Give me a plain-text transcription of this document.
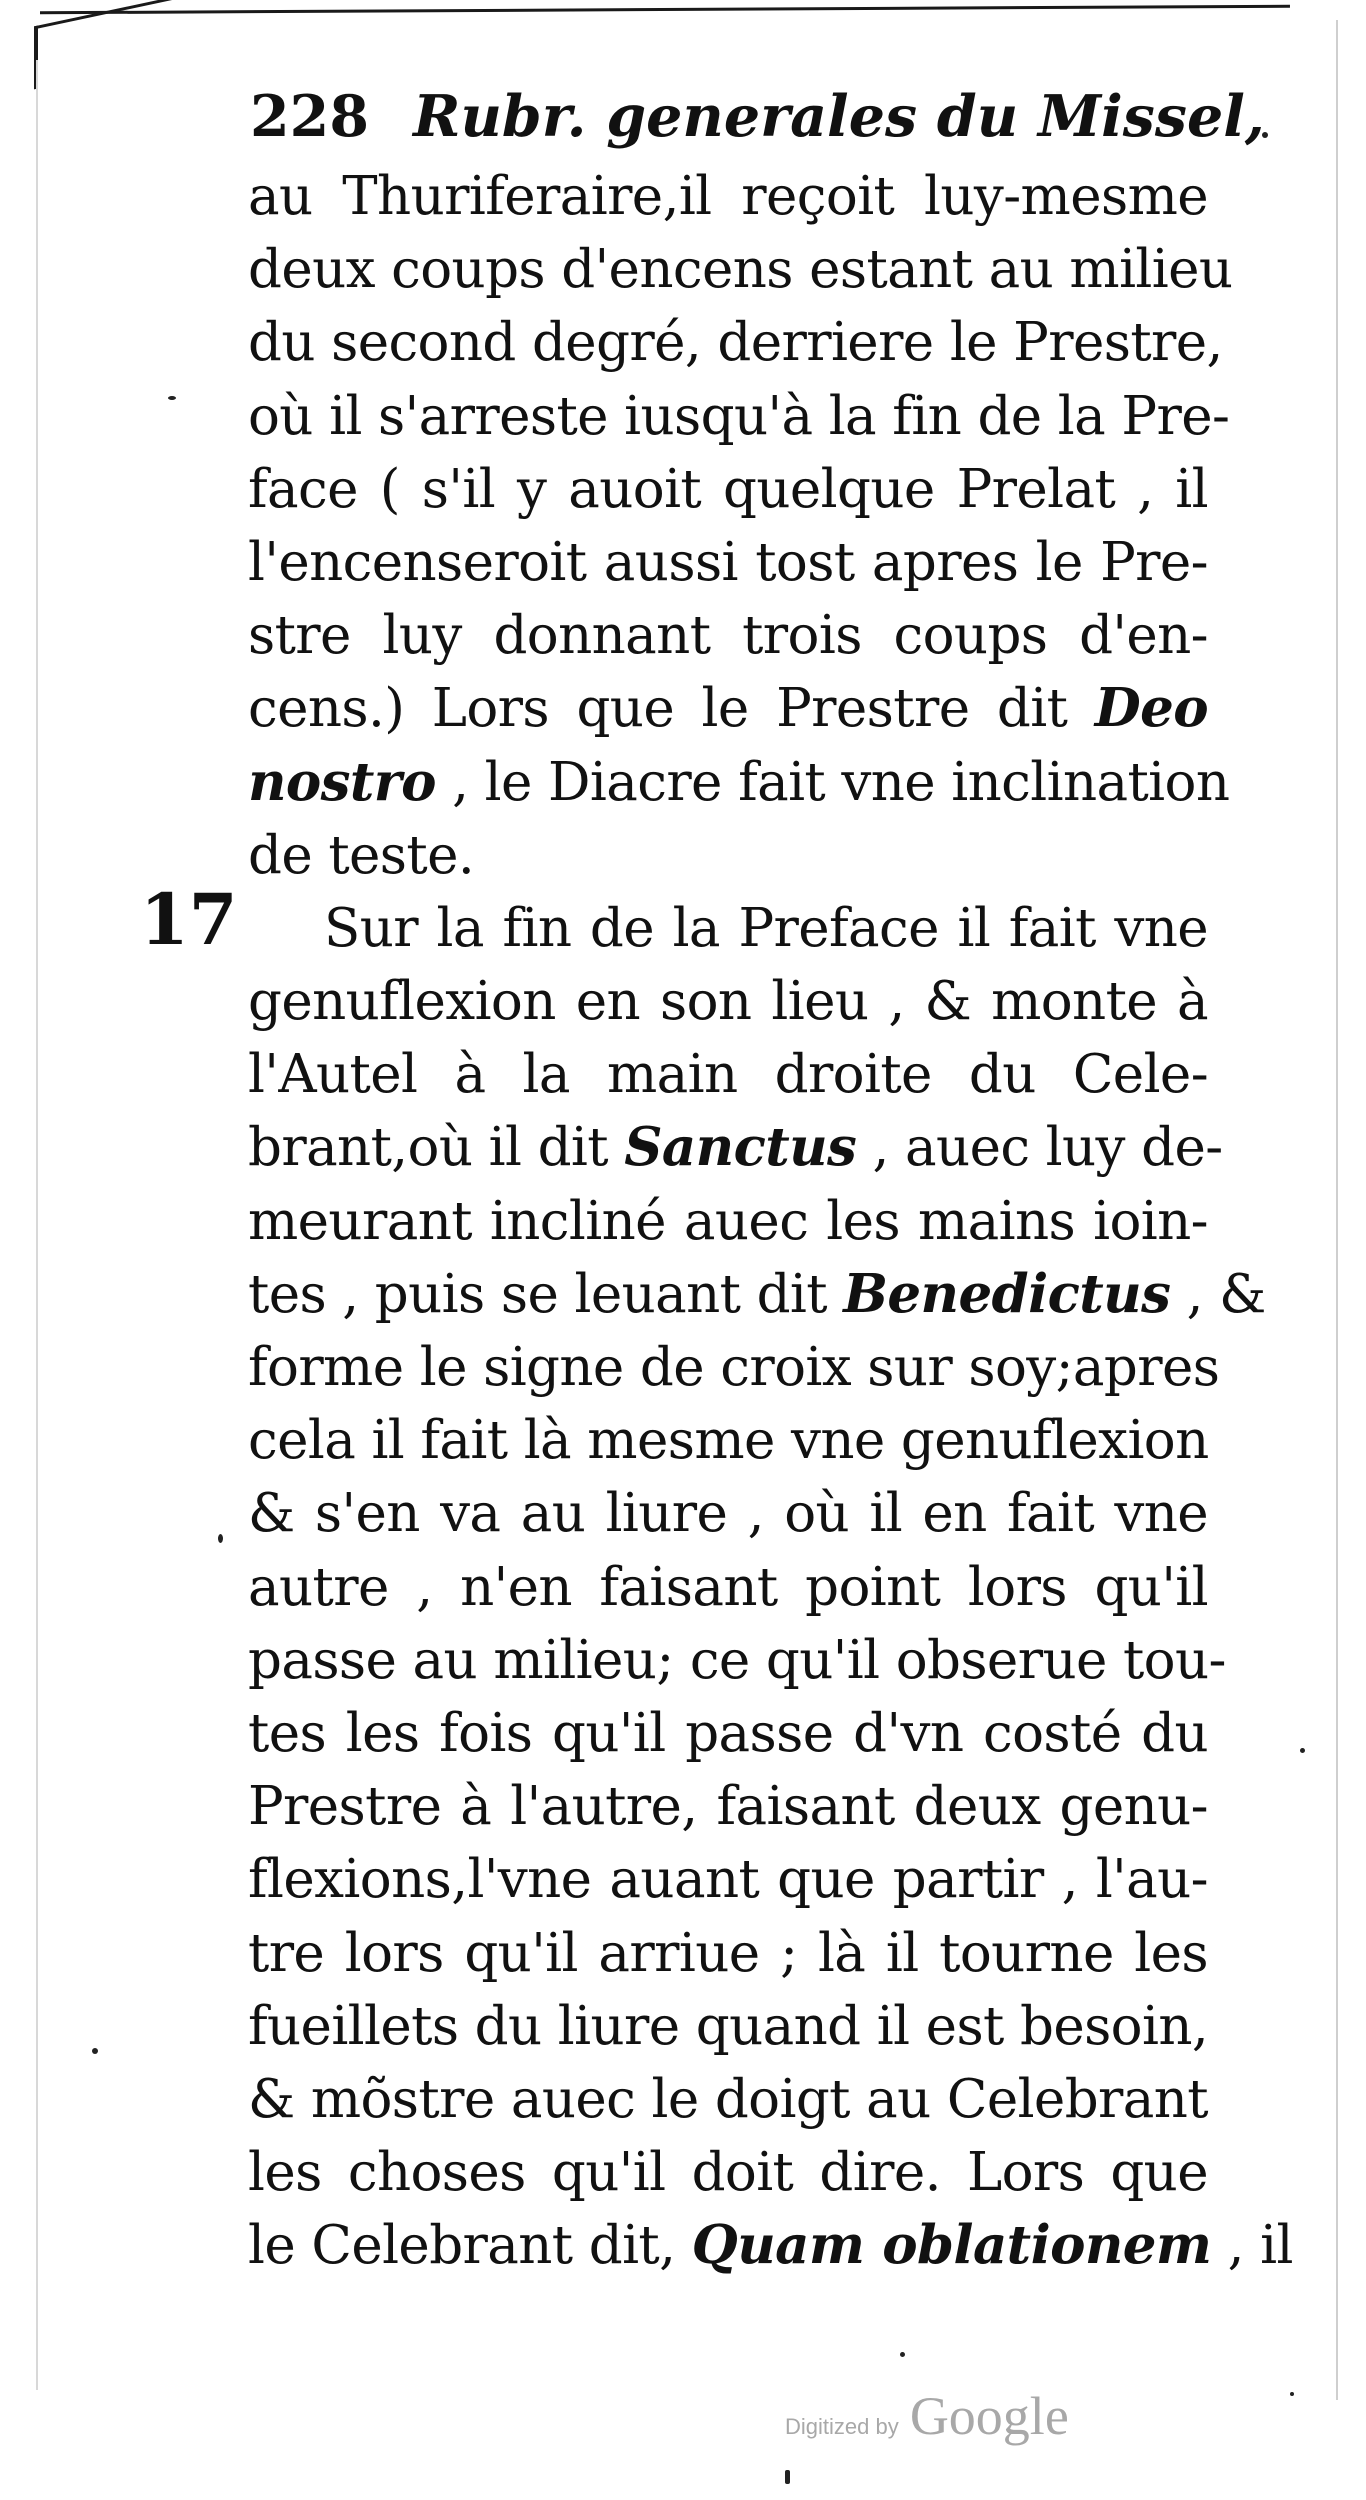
228 Rubr. generales du Missel,
17
au Thuriferaire,il reçoit luy-mesme
deux coups d'encens estant au milieu
du second degré, derriere le Prestre,
où il s'arreste iusqu'à la fin de la Pre-
face ( s'il y auoit quelque Prelat , il
l'encenseroit aussi tost apres le Pre-
stre luy donnant trois coups d'en-
cens.) Lors que le Prestre dit Deo
nostro , le Diacre fait vne inclination
de teste.
Sur la fin de la Preface il fait vne
genuflexion en son lieu , & monte à
l'Autel à la main droite du Cele-
brant,où il dit Sanctus , auec luy de-
meurant incliné auec les mains ioin-
tes , puis se leuant dit Benedictus , &
forme le signe de croix sur soy;apres
cela il fait là mesme vne genuflexion
& s'en va au liure , où il en fait vne
autre , n'en faisant point lors qu'il
passe au milieu; ce qu'il obserue tou-
tes les fois qu'il passe d'vn costé du
Prestre à l'autre, faisant deux genu-
flexions,l'vne auant que partir , l'au-
tre lors qu'il arriue ; là il tourne les
fueillets du liure quand il est besoin,
& mõstre auec le doigt au Celebrant
les choses qu'il doit dire. Lors que
le Celebrant dit, Quam oblationem , il
Digitized by Google
